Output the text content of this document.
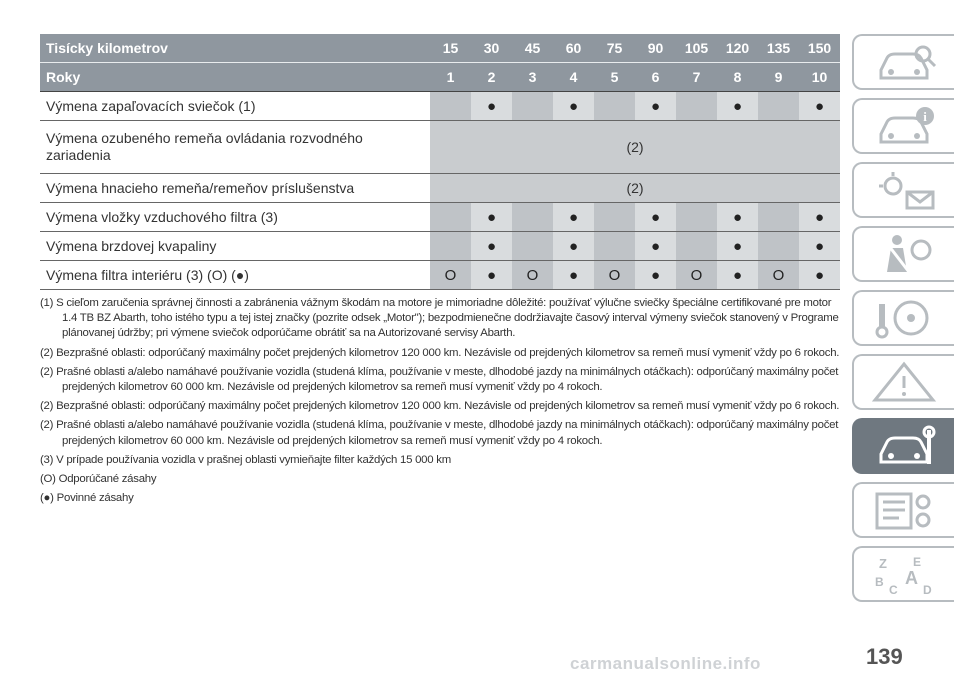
Tisícky kilometrov	15	30	45	60	75	90	105	120	135	150
Roky	1	2	3	4	5	6	7	8	9	10
Výmena zapaľovacích sviečok (1)		●		●		●		●		●
Výmena ozubeného remeňa ovládania rozvodného zariadenia	(2)									
Výmena hnacieho remeňa/remeňov príslušenstva	(2)									
Výmena vložky vzduchového filtra (3)		●		●		●		●		●
Výmena brzdovej kvapaliny		●		●		●		●		●
Výmena filtra interiéru (3) (O) (●)	O	●	O	●	O	●	O	●	O	●

(1) S cieľom zaručenia správnej činnosti a zabránenia vážnym škodám na motore je mimoriadne dôležité: používať výlučne sviečky špeciálne certifikované pre motor 1.4 TB BZ Abarth, toho istého typu a tej istej značky (pozrite odsek „Motor"); bezpodmienečne dodržiavajte časový interval výmeny sviečok stanovený v Programe plánovanej údržby; pri výmene sviečok odporúčame obrátiť sa na Autorizované servisy Abarth.

(2) Bezprašné oblasti: odporúčaný maximálny počet prejdených kilometrov 120 000 km. Nezávisle od prejdených kilometrov sa remeň musí vymeniť vždy po 6 rokoch.

(2) Prašné oblasti a/alebo namáhavé používanie vozidla (studená klíma, používanie v meste, dlhodobé jazdy na minimálnych otáčkach): odporúčaný maximálny počet prejdených kilometrov 60 000 km. Nezávisle od prejdených kilometrov sa remeň musí vymeniť vždy po 4 rokoch.

(2) Bezprašné oblasti: odporúčaný maximálny počet prejdených kilometrov 120 000 km. Nezávisle od prejdených kilometrov sa remeň musí vymeniť vždy po 6 rokoch.

(2) Prašné oblasti a/alebo namáhavé používanie vozidla (studená klíma, používanie v meste, dlhodobé jazdy na minimálnych otáčkach): odporúčaný maximálny počet prejdených kilometrov 60 000 km. Nezávisle od prejdených kilometrov sa remeň musí vymeniť vždy po 4 rokoch.

(3) V prípade používania vozidla v prašnej oblasti vymieňajte filter každých 15 000 km

(O) Odporúčané zásahy

(●) Povinné zásahy

i
Z E
B A
C D
139
carmanualsonline.info
